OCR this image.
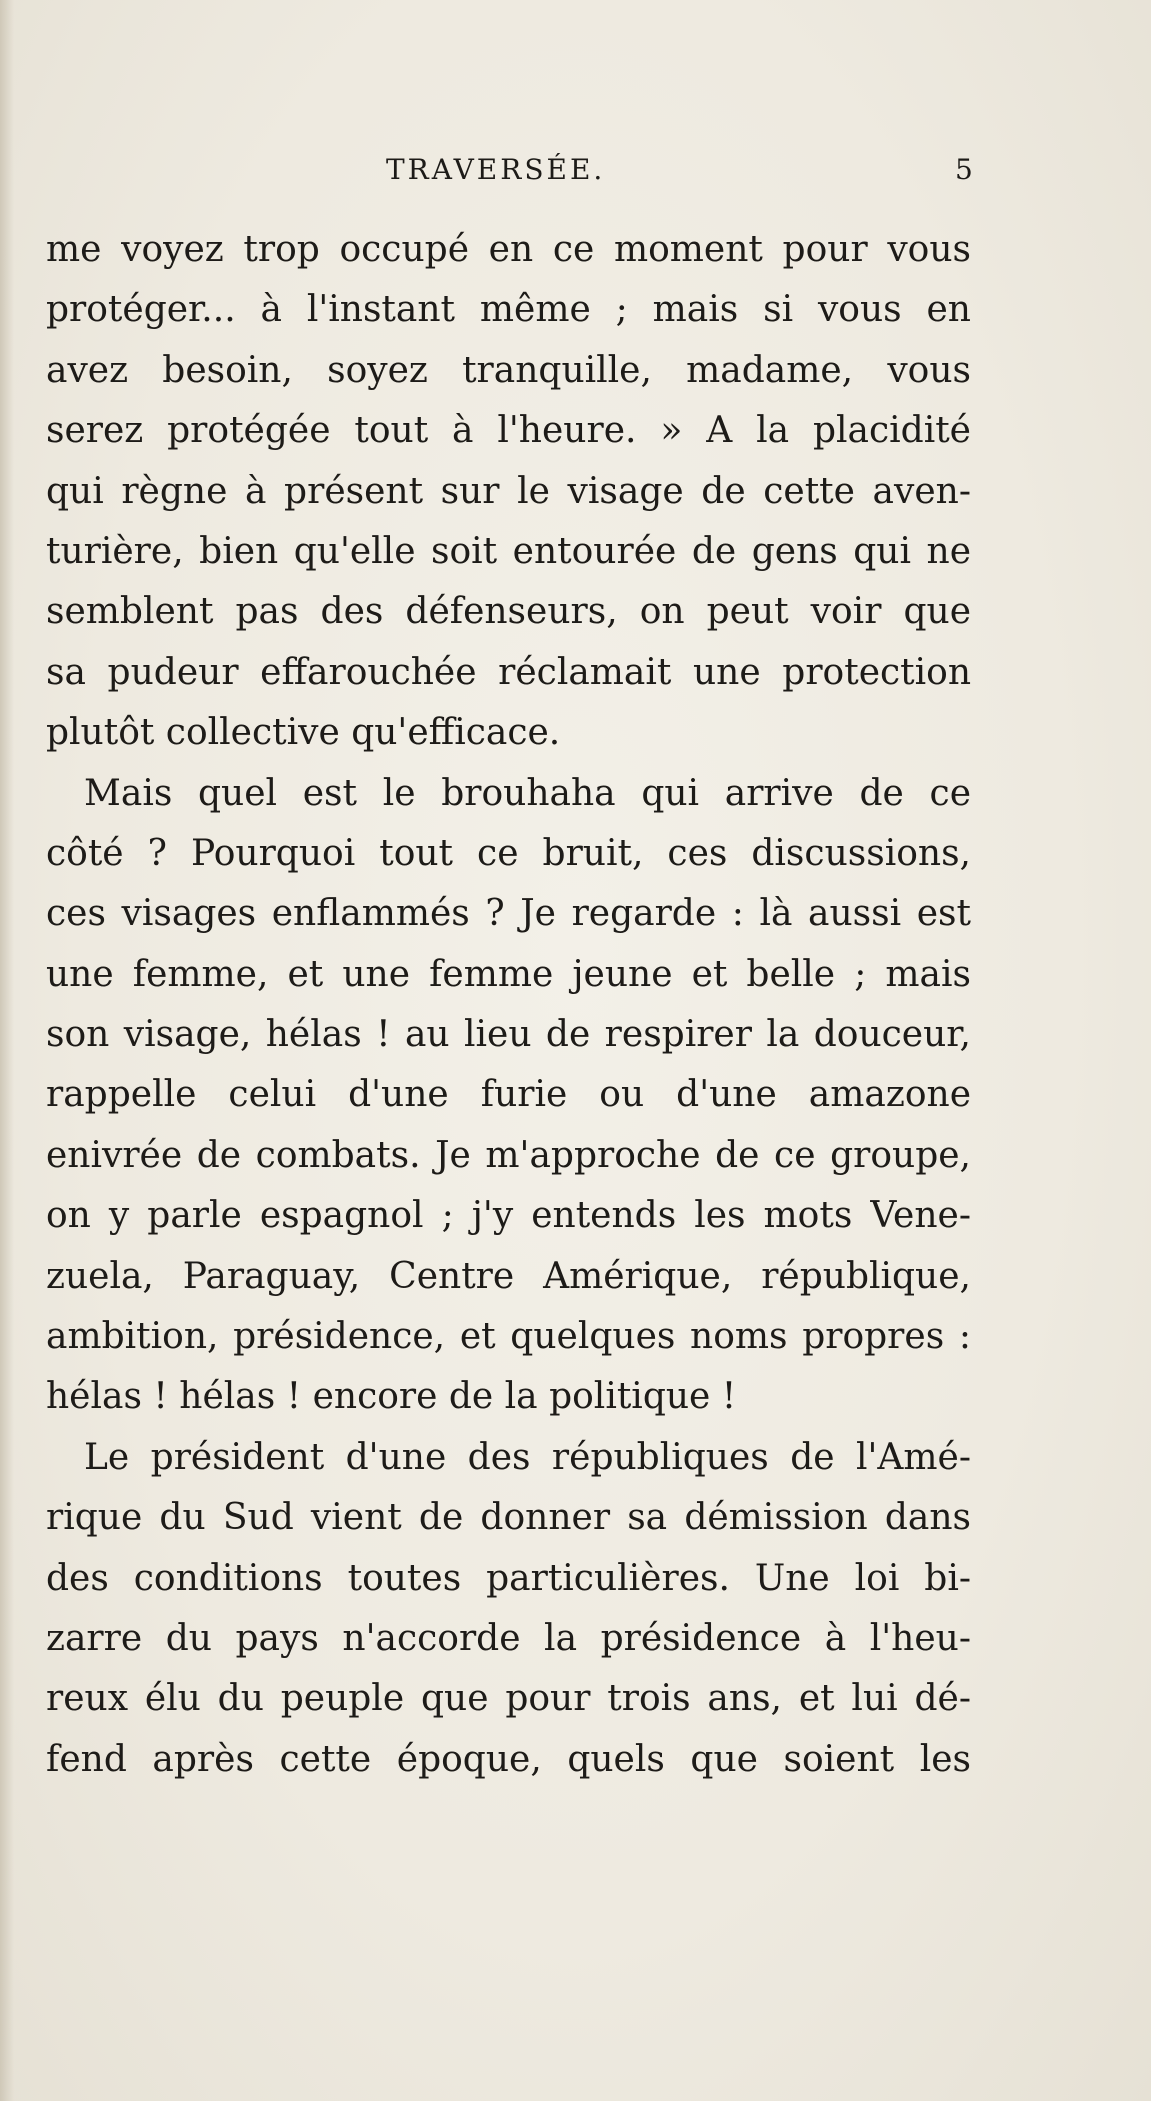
TRAVERSÉE.	5
me voyez trop occupé en ce moment pour vous
protéger... à l'instant même ; mais si vous en
avez besoin, soyez tranquille, madame, vous
serez protégée tout à l'heure. » A la placidité
qui règne à présent sur le visage de cette aven-
turière, bien qu'elle soit entourée de gens qui ne
semblent pas des défenseurs, on peut voir que
sa pudeur effarouchée réclamait une protection
plutôt collective qu'efficace.
Mais quel est le brouhaha qui arrive de ce
côté ? Pourquoi tout ce bruit, ces discussions,
ces visages enflammés ? Je regarde : là aussi est
une femme, et une femme jeune et belle ; mais
son visage, hélas ! au lieu de respirer la douceur,
rappelle celui d'une furie ou d'une amazone
enivrée de combats. Je m'approche de ce groupe,
on y parle espagnol ; j'y entends les mots Vene-
zuela, Paraguay, Centre Amérique, république,
ambition, présidence, et quelques noms propres :
hélas ! hélas ! encore de la politique !
Le président d'une des républiques de l'Amé-
rique du Sud vient de donner sa démission dans
des conditions toutes particulières. Une loi bi-
zarre du pays n'accorde la présidence à l'heu-
reux élu du peuple que pour trois ans, et lui dé-
fend après cette époque, quels que soient les
